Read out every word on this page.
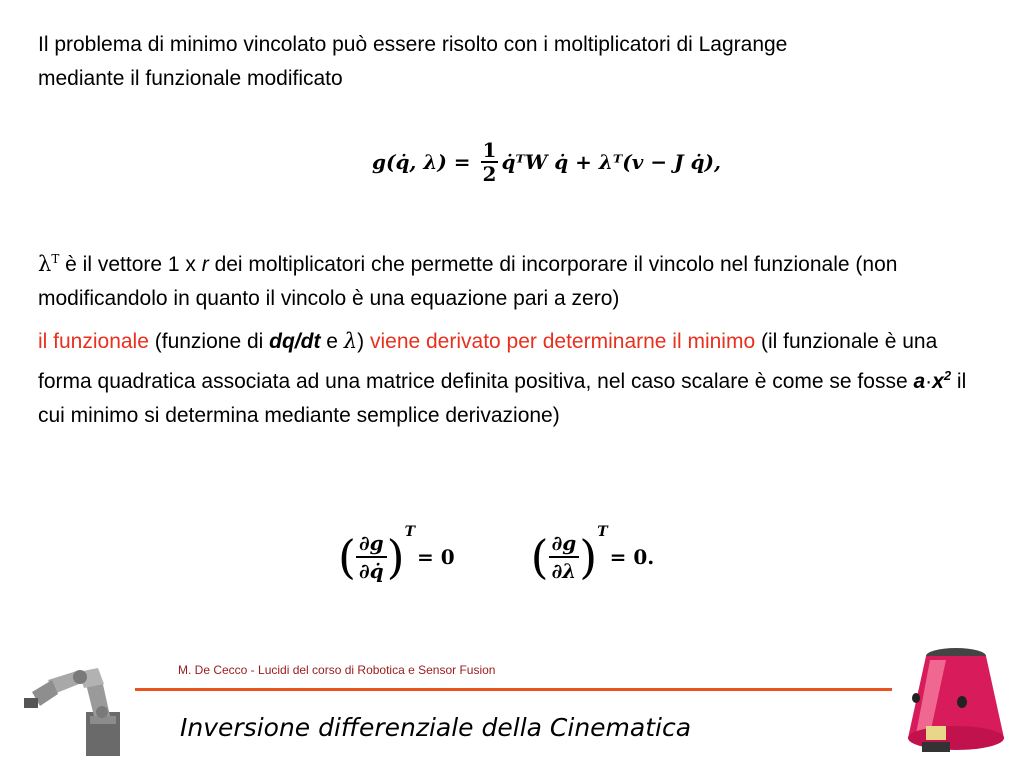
Il problema di minimo vincolato può essere risolto con i moltiplicatori di Lagrange
mediante il funzionale modificato

g(q̇, $\lambda) = \frac{1}{2}$ q̇ᵀW q̇ + λᵀ(v − J q̇),

$\lambda^T$ è il vettore 1 x r dei moltiplicatori che permette di incorporare il vincolo nel funzionale (non modificandolo in quanto il vincolo è una equazione pari a zero)

il funzionale (funzione di dq/dt e λ) viene derivato per determinarne il minimo (il funzionale è una forma quadratica associata ad una matrice definita positiva, nel caso scalare è come se fosse $a\cdot x^2$ il cui minimo si determina mediante semplice derivazione)

( $\frac{\partial g}{\partial q̇}$ ) T
= 0 ( $\frac{\partial g}{\partial\lambda}$ ) T
= 0.
M. De Cecco - Lucidi del corso di Robotica e Sensor Fusion
Inversione differenziale della Cinematica
